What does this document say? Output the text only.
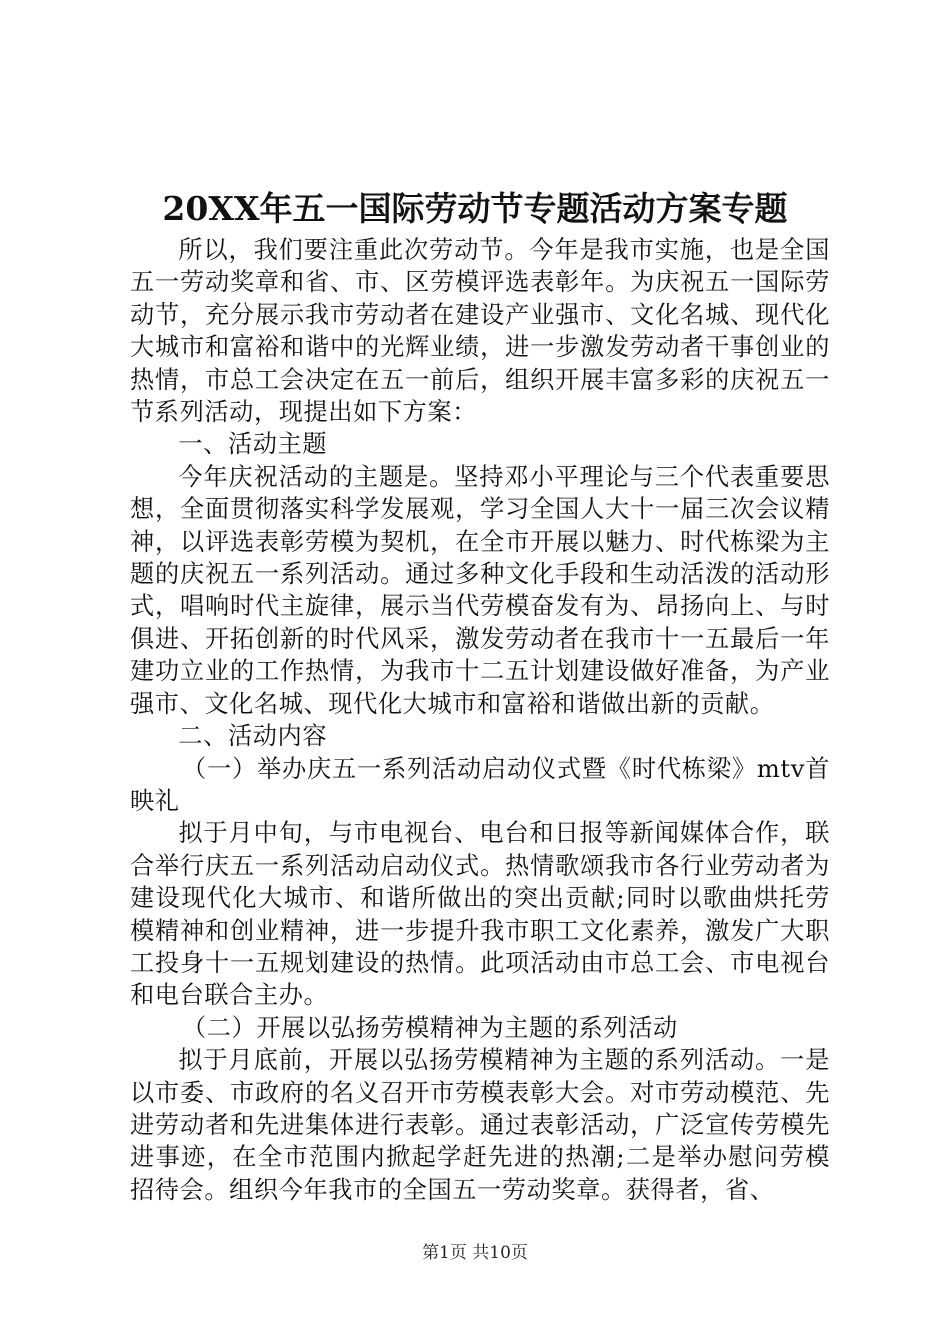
20XX年五一国际劳动节专题活动方案专题

所以，我们要注重此次劳动节。今年是我市实施，也是全国五一劳动奖章和省、市、区劳模评选表彰年。为庆祝五一国际劳动节，充分展示我市劳动者在建设产业强市、文化名城、现代化大城市和富裕和谐中的光辉业绩，进一步激发劳动者干事创业的热情，市总工会决定在五一前后，组织开展丰富多彩的庆祝五一节系列活动，现提出如下方案：

一、活动主题

今年庆祝活动的主题是。坚持邓小平理论与三个代表重要思想，全面贯彻落实科学发展观，学习全国人大十一届三次会议精神，以评选表彰劳模为契机，在全市开展以魅力、时代栋梁为主题的庆祝五一系列活动。通过多种文化手段和生动活泼的活动形式，唱响时代主旋律，展示当代劳模奋发有为、昂扬向上、与时俱进、开拓创新的时代风采，激发劳动者在我市十一五最后一年建功立业的工作热情，为我市十二五计划建设做好准备，为产业强市、文化名城、现代化大城市和富裕和谐做出新的贡献。

二、活动内容

（一）举办庆五一系列活动启动仪式暨《时代栋梁》mtv首映礼

拟于月中旬，与市电视台、电台和日报等新闻媒体合作，联合举行庆五一系列活动启动仪式。热情歌颂我市各行业劳动者为建设现代化大城市、和谐所做出的突出贡献;同时以歌曲烘托劳模精神和创业精神，进一步提升我市职工文化素养，激发广大职工投身十一五规划建设的热情。此项活动由市总工会、市电视台和电台联合主办。

（二）开展以弘扬劳模精神为主题的系列活动

拟于月底前，开展以弘扬劳模精神为主题的系列活动。一是以市委、市政府的名义召开市劳模表彰大会。对市劳动模范、先进劳动者和先进集体进行表彰。通过表彰活动，广泛宣传劳模先进事迹，在全市范围内掀起学赶先进的热潮;二是举办慰问劳模招待会。组织今年我市的全国五一劳动奖章。获得者，省、

第1页 共10页
